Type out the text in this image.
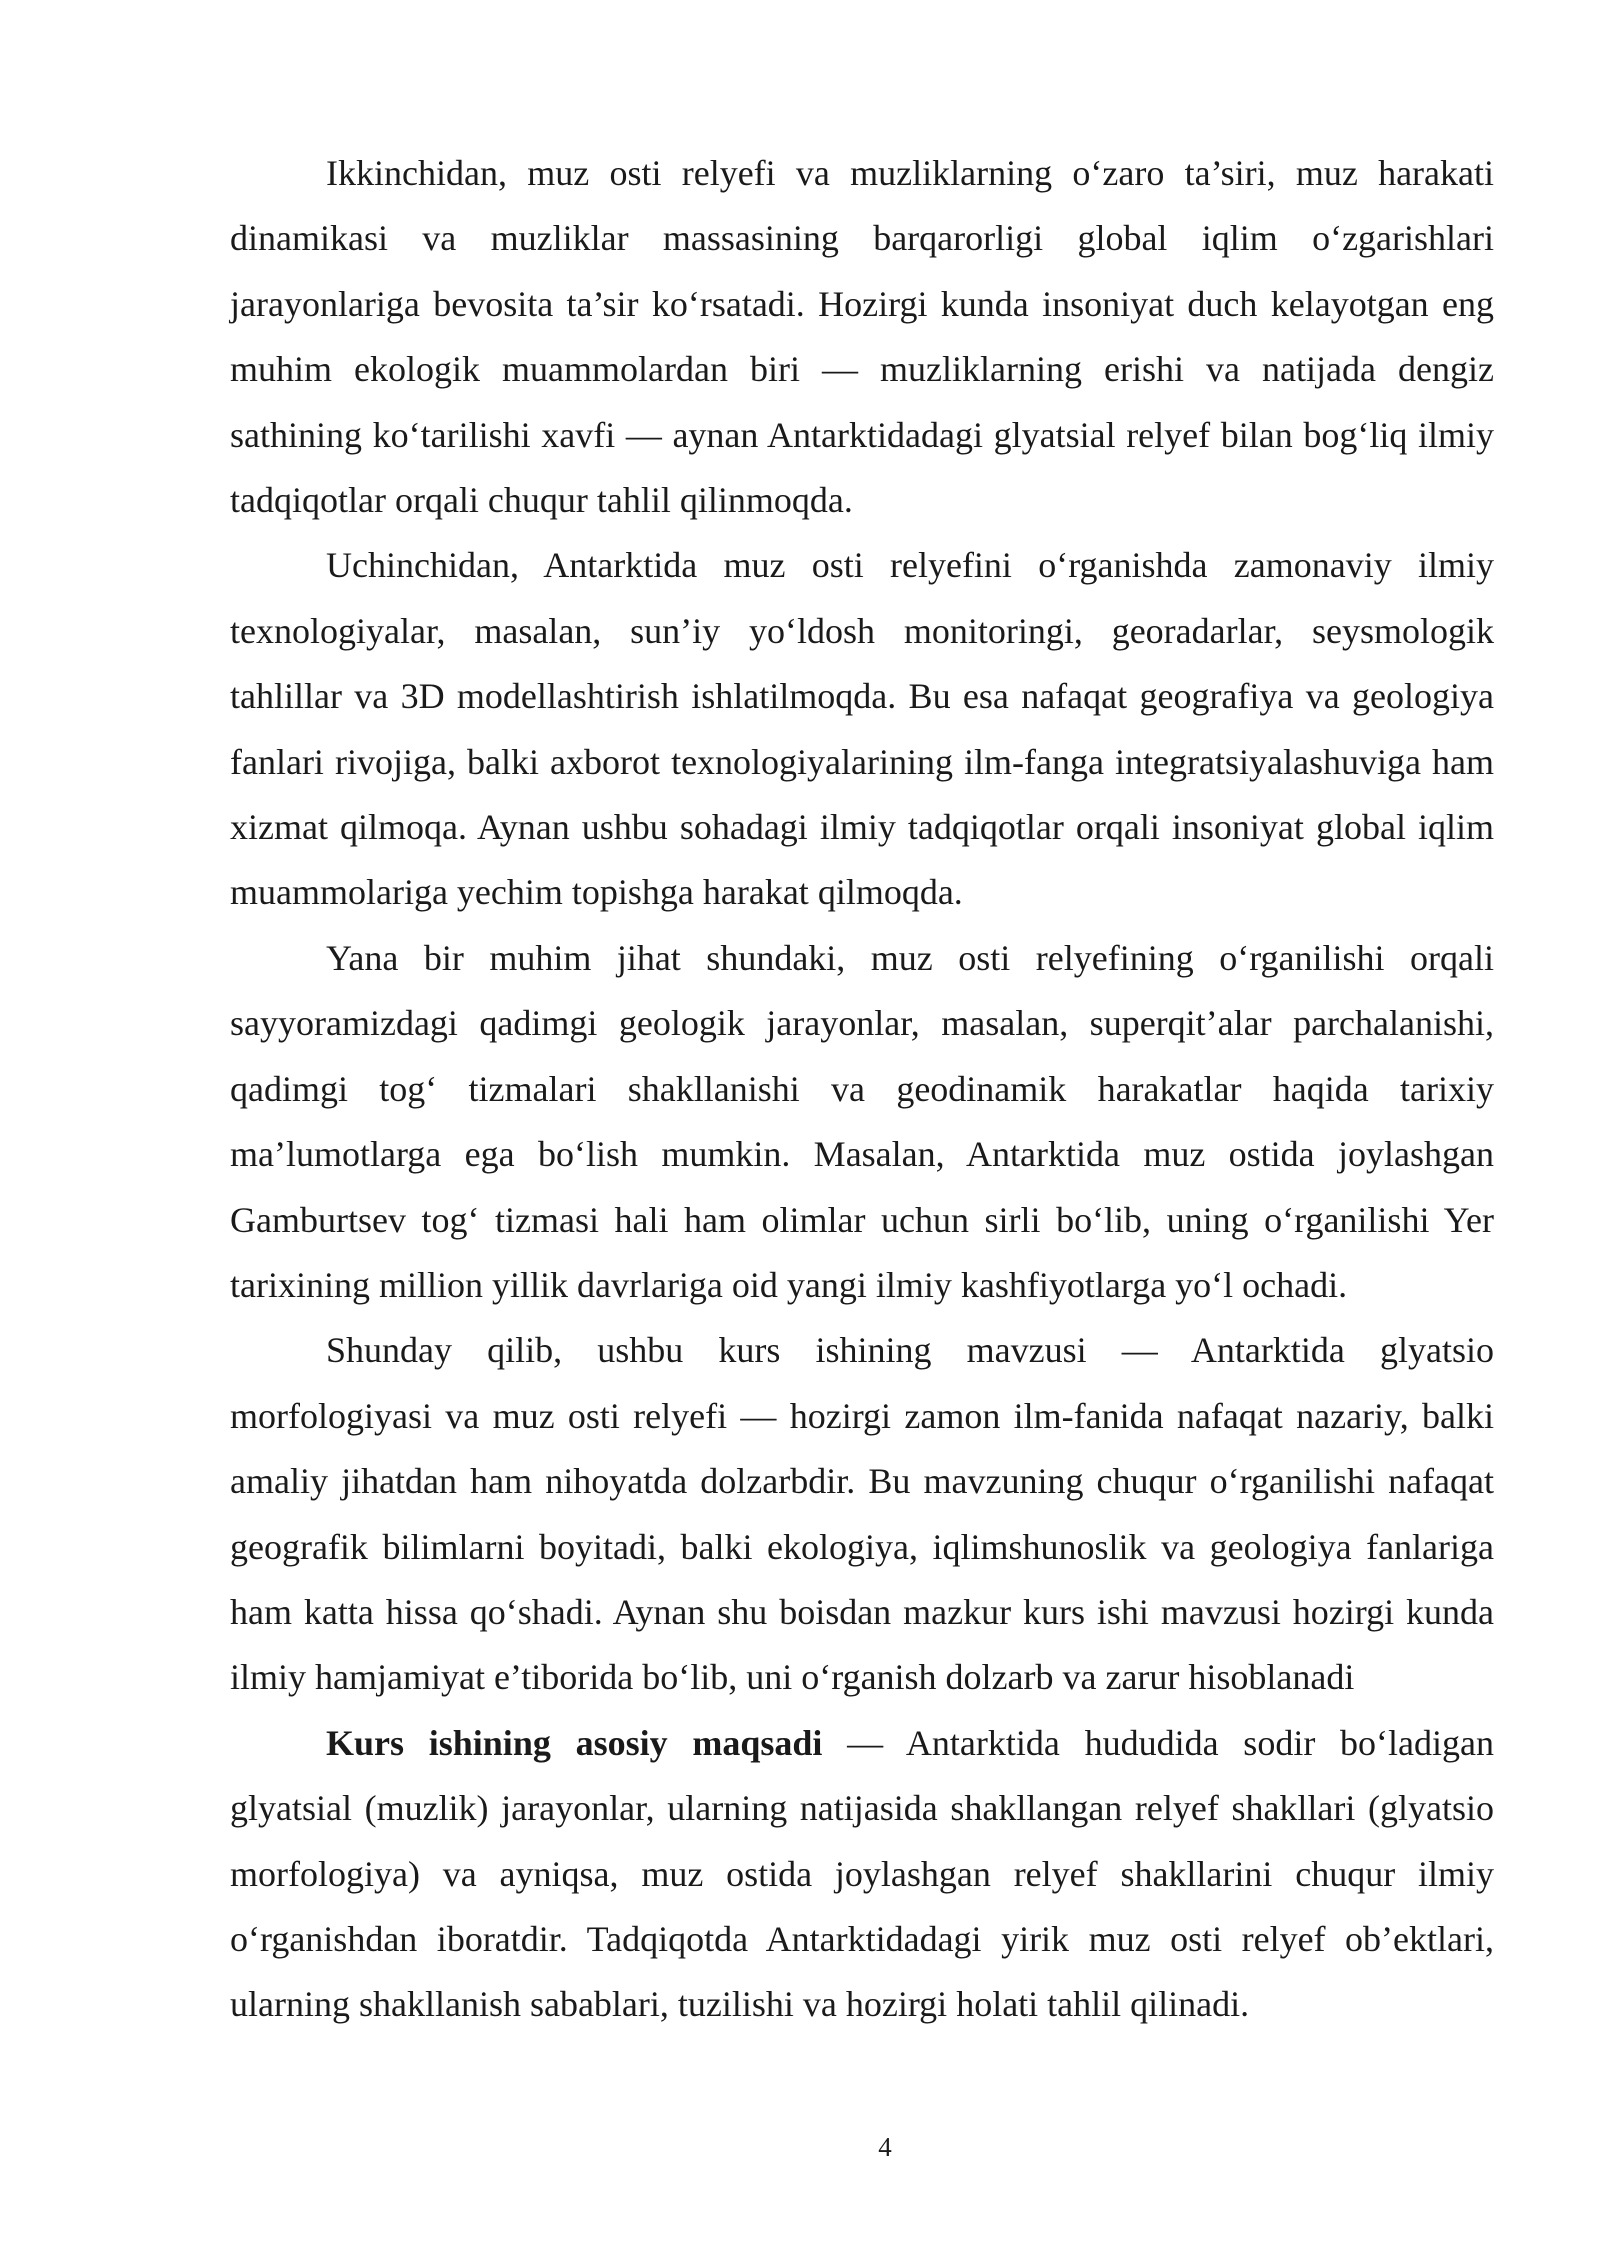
Ikkinchidan, muz osti relyefi va muzliklarning o‘zaro ta’siri, muz harakati dinamikasi va muzliklar massasining barqarorligi global iqlim o‘zgarishlari jarayonlariga bevosita ta’sir ko‘rsatadi. Hozirgi kunda insoniyat duch kelayotgan eng muhim ekologik muammolardan biri — muzliklarning erishi va natijada dengiz sathining ko‘tarilishi xavfi — aynan Antarktidadagi glyatsial relyef bilan bog‘liq ilmiy tadqiqotlar orqali chuqur tahlil qilinmoqda.

Uchinchidan, Antarktida muz osti relyefini o‘rganishda zamonaviy ilmiy texnologiyalar, masalan, sun’iy yo‘ldosh monitoringi, georadarlar, seysmologik tahlillar va 3D modellashtirish ishlatilmoqda. Bu esa nafaqat geografiya va geologiya fanlari rivojiga, balki axborot texnologiyalarining ilm-fanga integratsiyalashuviga ham xizmat qilmoqa. Aynan ushbu sohadagi ilmiy tadqiqotlar orqali insoniyat global iqlim muammolariga yechim topishga harakat qilmoqda.

Yana bir muhim jihat shundaki, muz osti relyefining o‘rganilishi orqali sayyoramizdagi qadimgi geologik jarayonlar, masalan, superqit’alar parchalanishi, qadimgi tog‘ tizmalari shakllanishi va geodinamik harakatlar haqida tarixiy ma’lumotlarga ega bo‘lish mumkin. Masalan, Antarktida muz ostida joylashgan Gamburtsev tog‘ tizmasi hali ham olimlar uchun sirli bo‘lib, uning o‘rganilishi Yer tarixining million yillik davrlariga oid yangi ilmiy kashfiyotlarga yo‘l ochadi.

Shunday qilib, ushbu kurs ishining mavzusi — Antarktida glyatsio morfologiyasi va muz osti relyefi — hozirgi zamon ilm-fanida nafaqat nazariy, balki amaliy jihatdan ham nihoyatda dolzarbdir. Bu mavzuning chuqur o‘rganilishi nafaqat geografik bilimlarni boyitadi, balki ekologiya, iqlimshunoslik va geologiya fanlariga ham katta hissa qo‘shadi. Aynan shu boisdan mazkur kurs ishi mavzusi hozirgi kunda ilmiy hamjamiyat e’tiborida bo‘lib, uni o‘rganish dolzarb va zarur hisoblanadi

Kurs ishining asosiy maqsadi — Antarktida hududida sodir bo‘ladigan glyatsial (muzlik) jarayonlar, ularning natijasida shakllangan relyef shakllari (glyatsio morfologiya) va ayniqsa, muz ostida joylashgan relyef shakllarini chuqur ilmiy o‘rganishdan iboratdir. Tadqiqotda Antarktidadagi yirik muz osti relyef ob’ektlari, ularning shakllanish sabablari, tuzilishi va hozirgi holati tahlil qilinadi.

4
